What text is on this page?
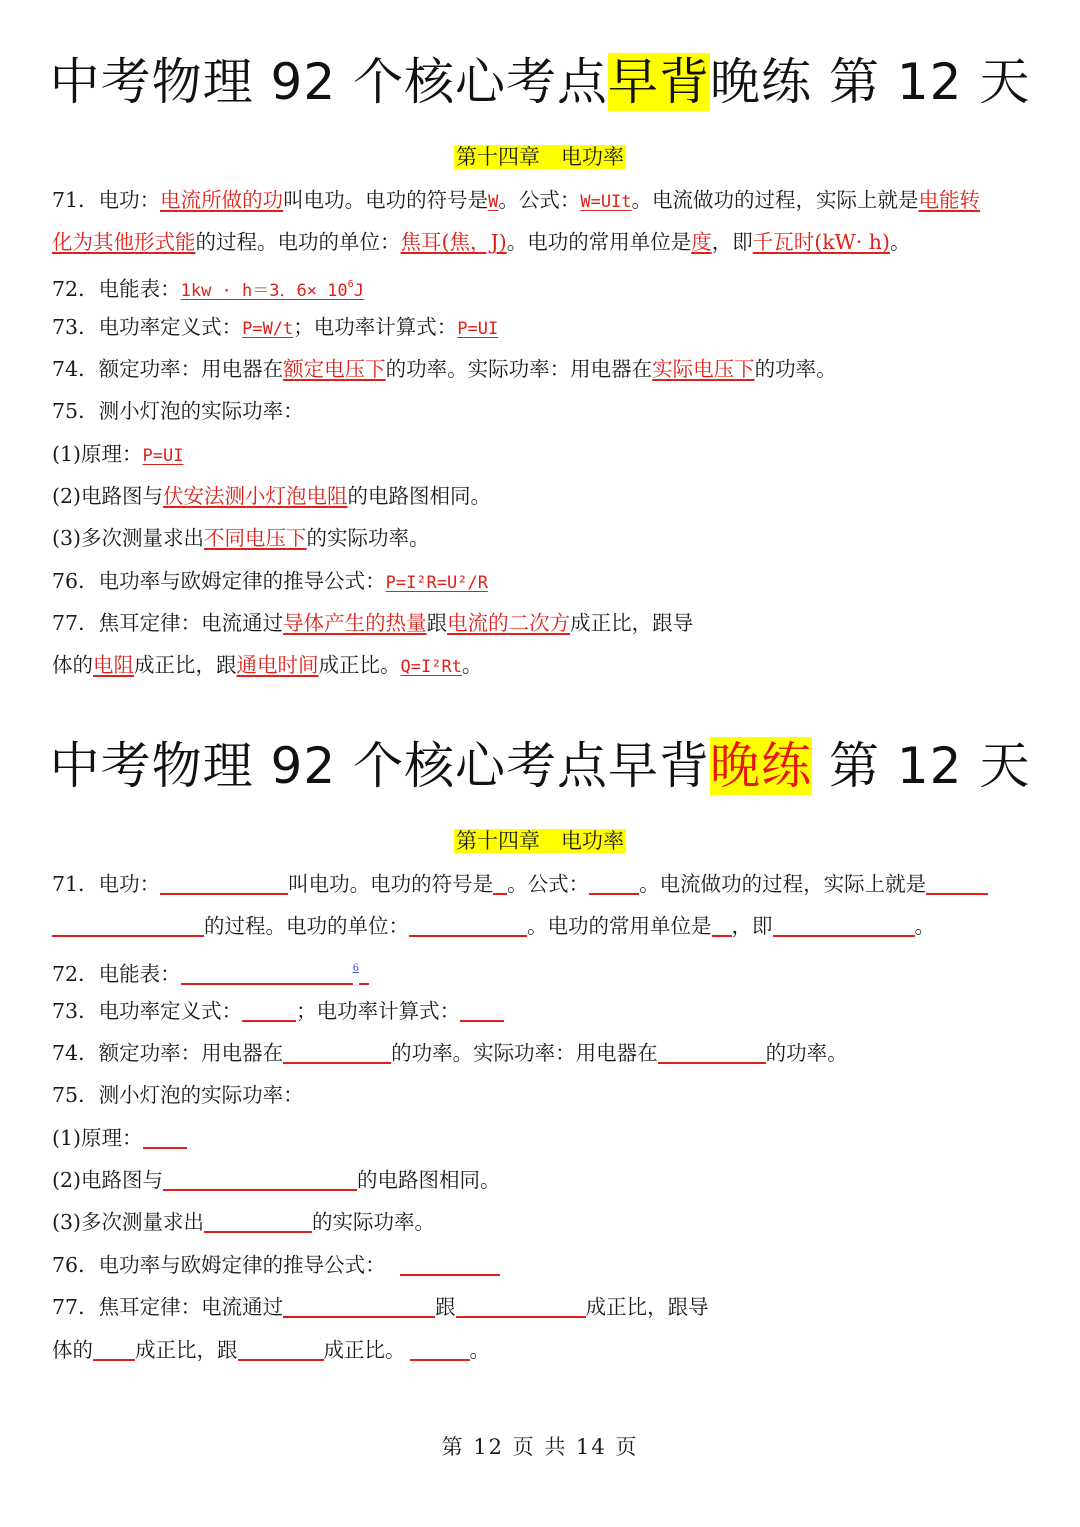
中考物理 92 个核心考点早背晚练 第 12 天
第十四章　电功率
71．电功：电流所做的功叫电功。电功的符号是W。公式：W=UIt。电流做功的过程，实际上就是电能转
化为其他形式能的过程。电功的单位：焦耳(焦，J)。电功的常用单位是度，即千瓦时(kW· h)。
72．电能表：1kw · h＝3．$6\times 10^6J$
73．电功率定义式：P=W/t；电功率计算式：P=UI
74．额定功率：用电器在额定电压下的功率。实际功率：用电器在实际电压下的功率。
75．测小灯泡的实际功率：
(1)原理：P=UI
(2)电路图与伏安法测小灯泡电阻的电路图相同。
(3)多次测量求出不同电压下的实际功率。
76．电功率与欧姆定律的推导公式：P=I²R=U²/R
77．焦耳定律：电流通过导体产生的热量跟电流的二次方成正比，跟导
体的电阻成正比，跟通电时间成正比。Q=I²Rt。
中考物理 92 个核心考点早背晚练 第 12 天
第十四章　电功率
71．电功：	叫电功。电功的符号是 。公式： 。电流做功的过程，实际上就是
的过程。电功的单位：	。电功的常用单位是 ，即	。
72．电能表：	$^6$
73．电功率定义式：	；电功率计算式：
74．额定功率：用电器在	的功率。实际功率：用电器在	的功率。
75．测小灯泡的实际功率：
(1)原理：
(2)电路图与	的电路图相同。
(3)多次测量求出	的实际功率。
76．电功率与欧姆定律的推导公式：
77．焦耳定律：电流通过	跟	成正比，跟导
体的 成正比，跟	成正比。	。
第 12 页 共 14 页
